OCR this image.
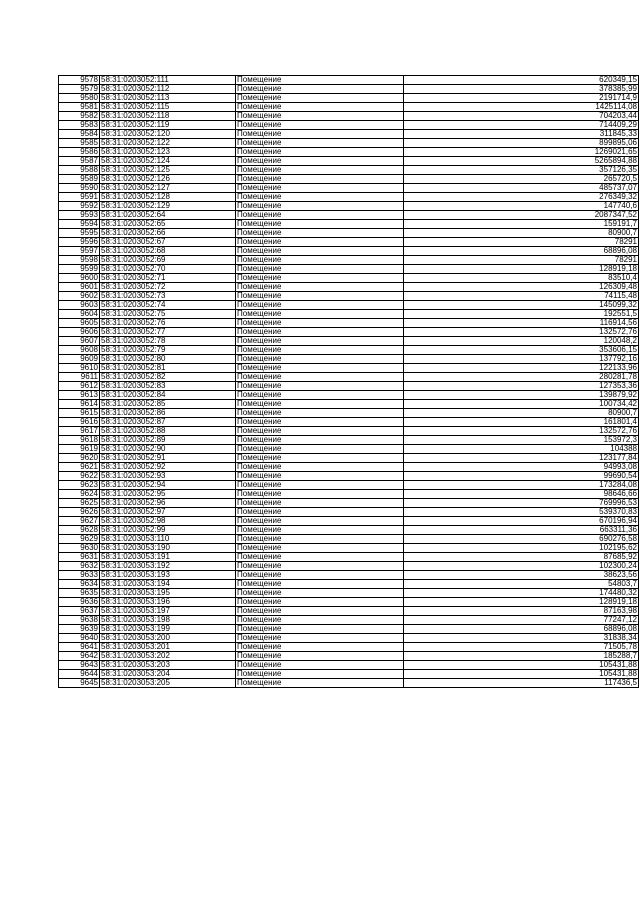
9578	58:31:0203052:111	Помещение	620349,15
9579	58:31:0203052:112	Помещение	378385,99
9580	58:31:0203052:113	Помещение	2191714,9
9581	58:31:0203052:115	Помещение	1425114,08
9582	58:31:0203052:118	Помещение	704203,44
9583	58:31:0203052:119	Помещение	714409,29
9584	58:31:0203052:120	Помещение	311845,33
9585	58:31:0203052:122	Помещение	899895,06
9586	58:31:0203052:123	Помещение	1269021,65
9587	58:31:0203052:124	Помещение	5265894,88
9588	58:31:0203052:125	Помещение	357126,35
9589	58:31:0203052:126	Помещение	265720,5
9590	58:31:0203052:127	Помещение	485737,07
9591	58:31:0203052:128	Помещение	276349,32
9592	58:31:0203052:129	Помещение	147740,6
9593	58:31:0203052:64	Помещение	2087347,52
9594	58:31:0203052:65	Помещение	159191,7
9595	58:31:0203052:66	Помещение	80900,7
9596	58:31:0203052:67	Помещение	78291
9597	58:31:0203052:68	Помещение	68896,08
9598	58:31:0203052:69	Помещение	78291
9599	58:31:0203052:70	Помещение	128919,18
9600	58:31:0203052:71	Помещение	83510,4
9601	58:31:0203052:72	Помещение	126309,48
9602	58:31:0203052:73	Помещение	74115,48
9603	58:31:0203052:74	Помещение	145099,32
9604	58:31:0203052:75	Помещение	192551,5
9605	58:31:0203052:76	Помещение	116914,56
9606	58:31:0203052:77	Помещение	132572,76
9607	58:31:0203052:78	Помещение	120048,2
9608	58:31:0203052:79	Помещение	353606,15
9609	58:31:0203052:80	Помещение	137792,16
9610	58:31:0203052:81	Помещение	122133,96
9611	58:31:0203052:82	Помещение	280281,78
9612	58:31:0203052:83	Помещение	127353,36
9613	58:31:0203052:84	Помещение	139879,92
9614	58:31:0203052:85	Помещение	100734,42
9615	58:31:0203052:86	Помещение	80900,7
9616	58:31:0203052:87	Помещение	161801,4
9617	58:31:0203052:88	Помещение	132572,76
9618	58:31:0203052:89	Помещение	153972,3
9619	58:31:0203052:90	Помещение	104388
9620	58:31:0203052:91	Помещение	123177,84
9621	58:31:0203052:92	Помещение	94993,08
9622	58:31:0203052:93	Помещение	99690,54
9623	58:31:0203052:94	Помещение	173284,08
9624	58:31:0203052:95	Помещение	98646,66
9625	58:31:0203052:96	Помещение	769996,53
9626	58:31:0203052:97	Помещение	539370,83
9627	58:31:0203052:98	Помещение	670196,94
9628	58:31:0203052:99	Помещение	663311,36
9629	58:31:0203053:110	Помещение	690276,58
9630	58:31:0203053:190	Помещение	102195,62
9631	58:31:0203053:191	Помещение	87685,92
9632	58:31:0203053:192	Помещение	102300,24
9633	58:31:0203053:193	Помещение	38623,56
9634	58:31:0203053:194	Помещение	54803,7
9635	58:31:0203053:195	Помещение	174480,32
9636	58:31:0203053:196	Помещение	128919,18
9637	58:31:0203053:197	Помещение	87163,98
9638	58:31:0203053:198	Помещение	77247,12
9639	58:31:0203053:199	Помещение	68896,08
9640	58:31:0203053:200	Помещение	31838,34
9641	58:31:0203053:201	Помещение	71505,78
9642	58:31:0203053:202	Помещение	185288,7
9643	58:31:0203053:203	Помещение	105431,88
9644	58:31:0203053:204	Помещение	105431,88
9645	58:31:0203053:205	Помещение	117436,5
